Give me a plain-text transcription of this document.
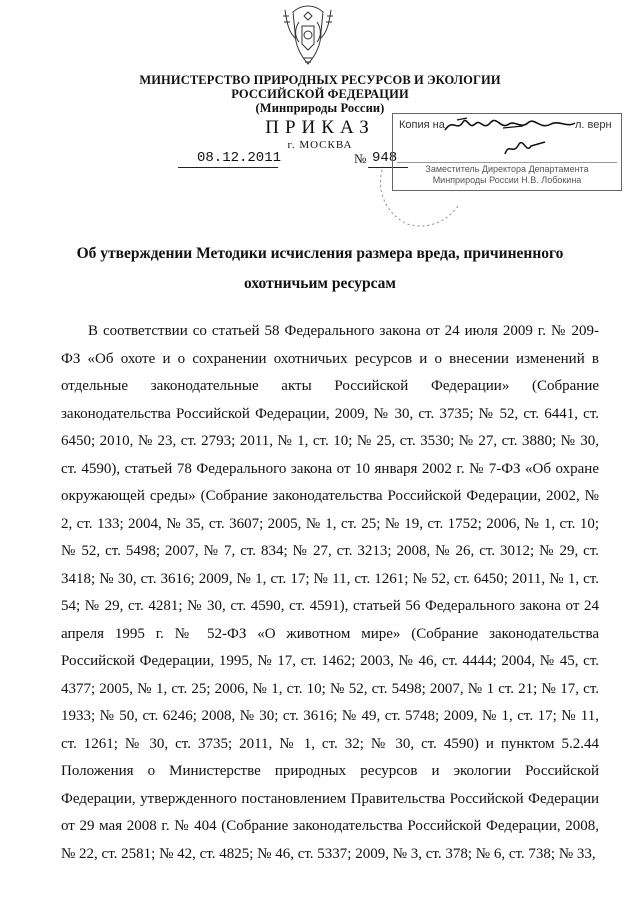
МИНИСТЕРСТВО ПРИРОДНЫХ РЕСУРСОВ И ЭКОЛОГИИ
РОССИЙСКОЙ ФЕДЕРАЦИИ
(Минприроды России)
ПРИКАЗ
г. МОСКВА
08.12.2011	№ 948
Копия на	л. верн
Заместитель Директора Департамента
Минприроды России Н.В. Лобокина
Об утверждении Методики исчисления размера вреда, причиненного
охотничьим ресурсам

В соответствии со статьей 58 Федерального закона от 24 июля 2009 г. № 209-ФЗ «Об охоте и о сохранении охотничьих ресурсов и о внесении изменений в отдельные законодательные акты Российской Федерации» (Собрание законодательства Российской Федерации, 2009, № 30, ст. 3735; № 52, ст. 6441, ст. 6450; 2010, № 23, ст. 2793; 2011, № 1, ст. 10; № 25, ст. 3530; № 27, ст. 3880; № 30, ст. 4590), статьей 78 Федерального закона от 10 января 2002 г. № 7-ФЗ «Об охране окружающей среды» (Собрание законодательства Российской Федерации, 2002, № 2, ст. 133; 2004, № 35, ст. 3607; 2005, № 1, ст. 25; № 19, ст. 1752; 2006, № 1, ст. 10; № 52, ст. 5498; 2007, № 7, ст. 834; № 27, ст. 3213; 2008, № 26, ст. 3012; № 29, ст. 3418; № 30, ст. 3616; 2009, № 1, ст. 17; № 11, ст. 1261; № 52, ст. 6450; 2011, № 1, ст. 54; № 29, ст. 4281; № 30, ст. 4590, ст. 4591), статьей 56 Федерального закона от 24 апреля 1995 г. № 52-ФЗ «О животном мире» (Собрание законодательства Российской Федерации, 1995, № 17, ст. 1462; 2003, № 46, ст. 4444; 2004, № 45, ст. 4377; 2005, № 1, ст. 25; 2006, № 1, ст. 10; № 52, ст. 5498; 2007, № 1 ст. 21; № 17, ст. 1933; № 50, ст. 6246; 2008, № 30; ст. 3616; № 49, ст. 5748; 2009, № 1, ст. 17; № 11, ст. 1261; № 30, ст. 3735; 2011, № 1, ст. 32; № 30, ст. 4590) и пунктом 5.2.44 Положения о Министерстве природных ресурсов и экологии Российской Федерации, утвержденного постановлением Правительства Российской Федерации от 29 мая 2008 г. № 404 (Собрание законодательства Российской Федерации, 2008, № 22, ст. 2581; № 42, ст. 4825; № 46, ст. 5337; 2009, № 3, ст. 378; № 6, ст. 738; № 33,
